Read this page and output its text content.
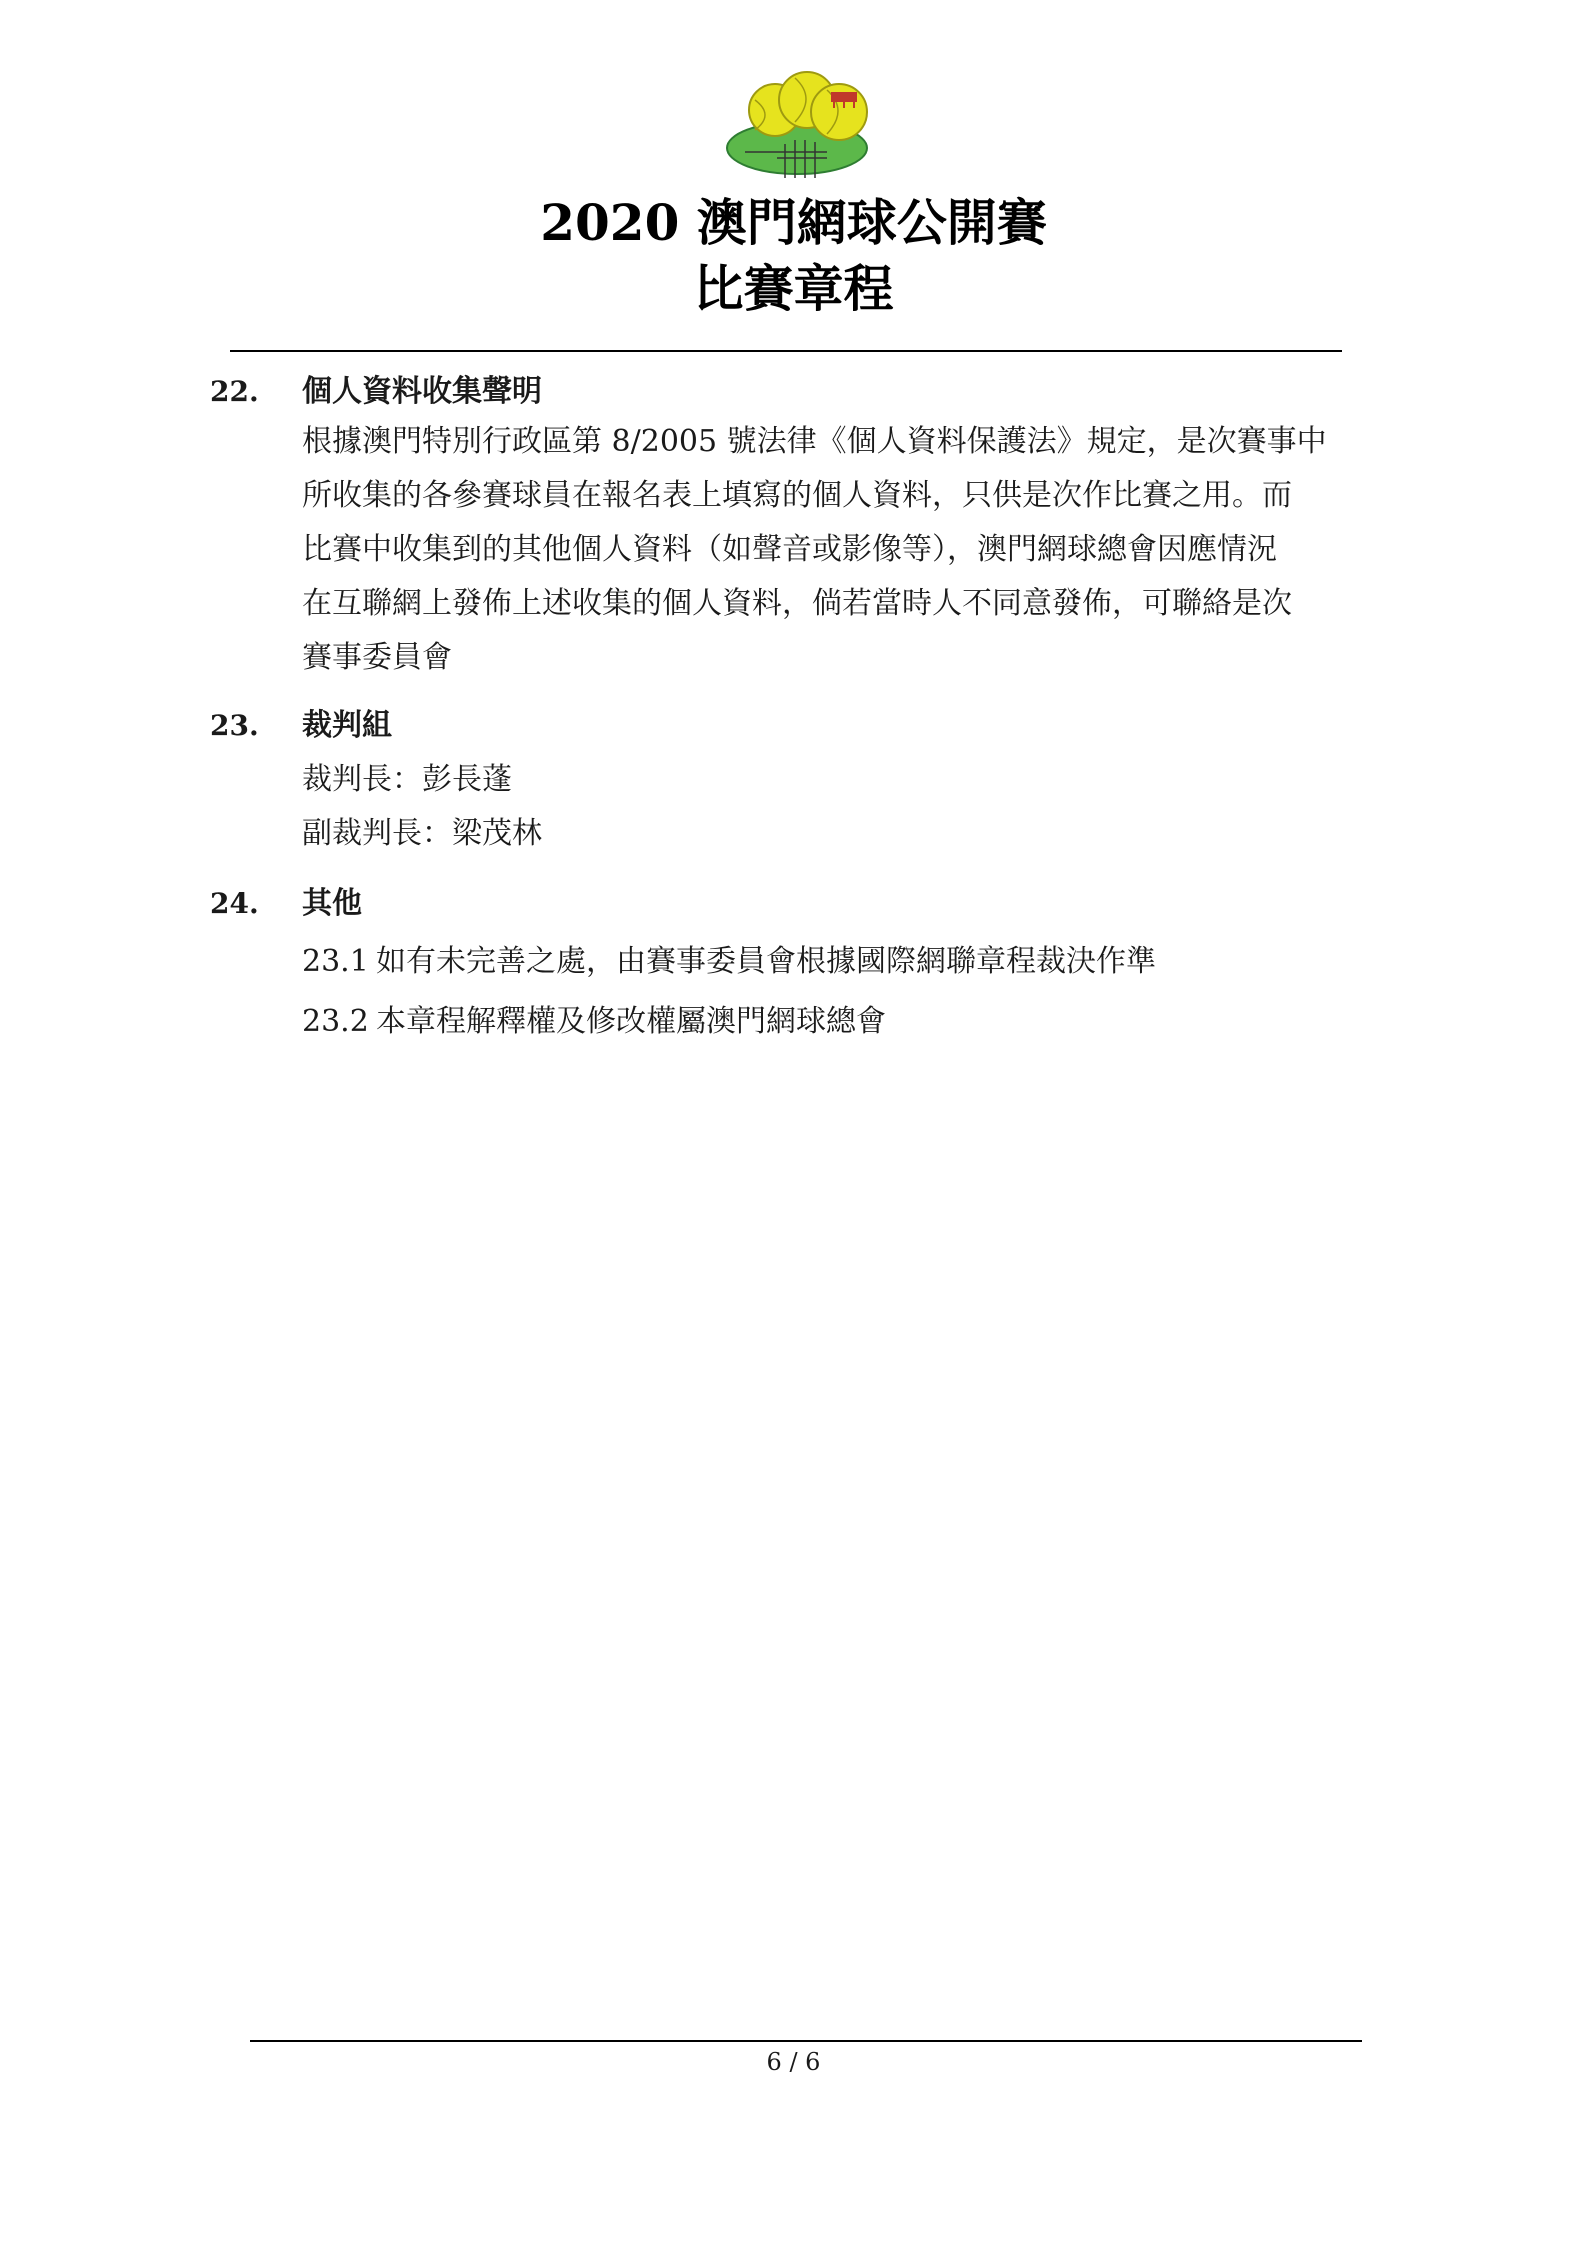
2020 澳門網球公開賽
比賽章程
22. 個人資料收集聲明
根據澳門特別行政區第 8/2005 號法律《個人資料保護法》規定，是次賽事中
所收集的各參賽球員在報名表上填寫的個人資料，只供是次作比賽之用。而
比賽中收集到的其他個人資料（如聲音或影像等），澳門網球總會因應情況
在互聯網上發佈上述收集的個人資料，倘若當時人不同意發佈，可聯絡是次
賽事委員會
23. 裁判組
裁判長：彭長蓬
副裁判長：梁茂林
24. 其他
23.1 如有未完善之處，由賽事委員會根據國際網聯章程裁決作準
23.2 本章程解釋權及修改權屬澳門網球總會
6 / 6
